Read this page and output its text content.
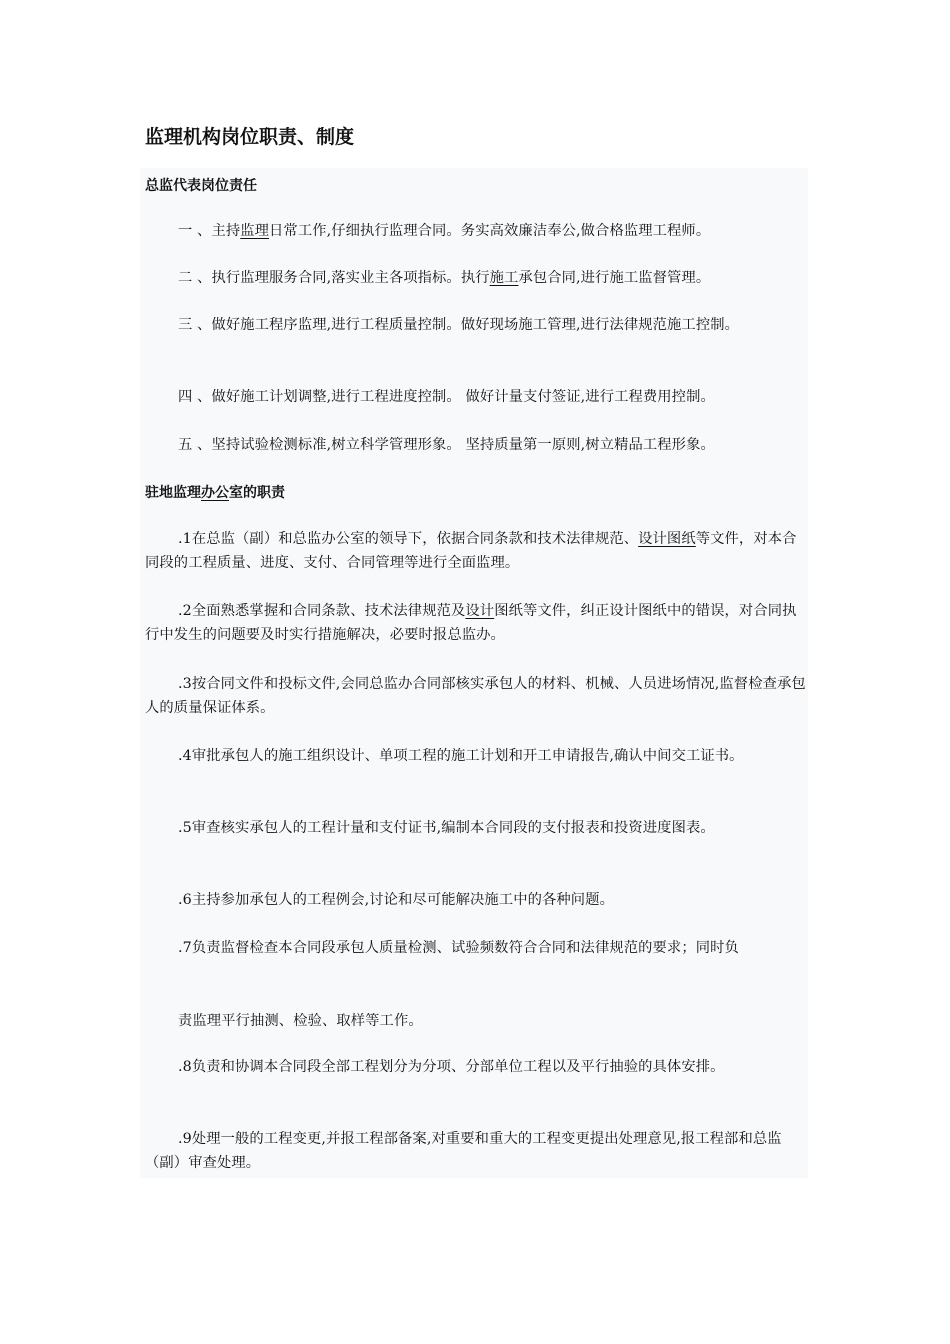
监理机构岗位职责、制度
总监代表岗位责任
一 、主持监理日常工作,仔细执行监理合同。务实高效廉洁奉公,做合格监理工程师。
二 、执行监理服务合同,落实业主各项指标。执行施工承包合同,进行施工监督管理。
三 、做好施工程序监理,进行工程质量控制。做好现场施工管理,进行法律规范施工控制。
四 、做好施工计划调整,进行工程进度控制。 做好计量支付签证,进行工程费用控制。
五 、坚持试验检测标准,树立科学管理形象。 坚持质量第一原则,树立精品工程形象。
驻地监理办公室的职责
.1在总监（副）和总监办公室的领导下，依据合同条款和技术法律规范、设计图纸等文件，对本合同段的工程质量、进度、支付、合同管理等进行全面监理。
.2全面熟悉掌握和合同条款、技术法律规范及设计图纸等文件，纠正设计图纸中的错误，对合同执行中发生的问题要及时实行措施解决，必要时报总监办。
.3按合同文件和投标文件,会同总监办合同部核实承包人的材料、机械、人员进场情况,监督检查承包人的质量保证体系。
.4审批承包人的施工组织设计、单项工程的施工计划和开工申请报告,确认中间交工证书。
.5审查核实承包人的工程计量和支付证书,编制本合同段的支付报表和投资进度图表。
.6主持参加承包人的工程例会,讨论和尽可能解决施工中的各种问题。
.7负责监督检查本合同段承包人质量检测、试验频数符合合同和法律规范的要求；同时负
责监理平行抽测、检验、取样等工作。
.8负责和协调本合同段全部工程划分为分项、分部单位工程以及平行抽验的具体安排。
.9处理一般的工程变更,并报工程部备案,对重要和重大的工程变更提出处理意见,报工程部和总监（副）审查处理。
